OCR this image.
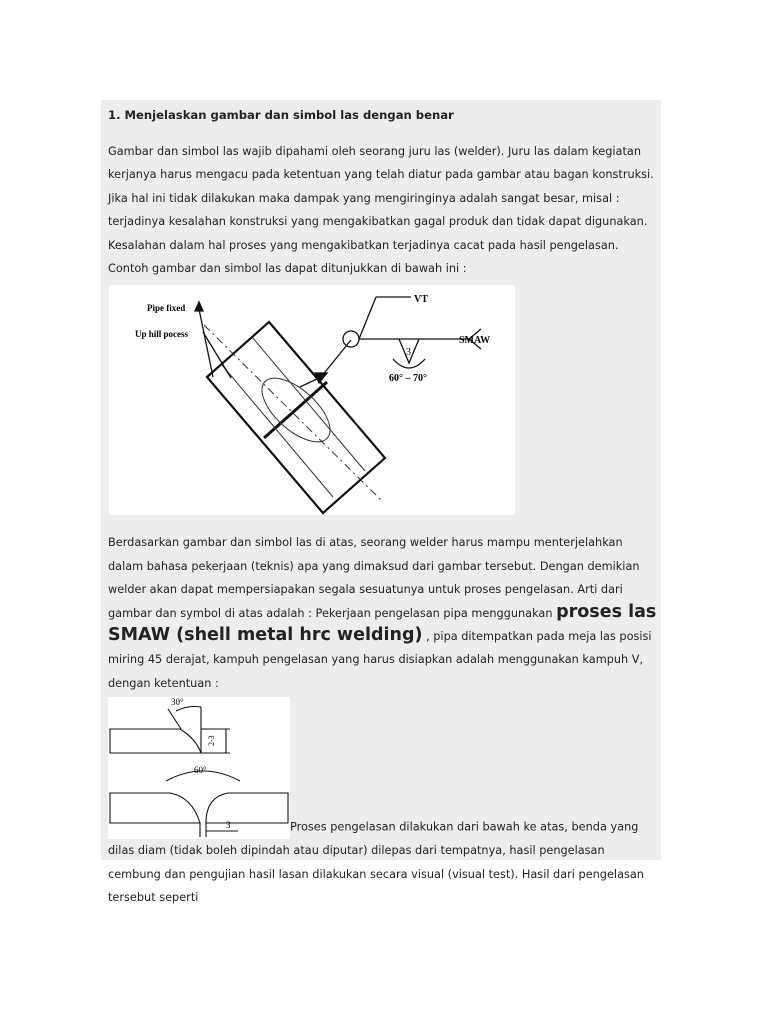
1. Menjelaskan gambar dan simbol las dengan benar

Gambar dan simbol las wajib dipahami oleh seorang juru las (welder). Juru las dalam kegiatan kerjanya harus mengacu pada ketentuan yang telah diatur pada gambar atau bagan konstruksi. Jika hal ini tidak dilakukan maka dampak yang mengiringinya adalah sangat besar, misal : terjadinya kesalahan konstruksi yang mengakibatkan gagal produk dan tidak dapat digunakan. Kesalahan dalam hal proses yang mengakibatkan terjadinya cacat pada hasil pengelasan. Contoh gambar dan simbol las dapat ditunjukkan di bawah ini :

Pipe fixed
Up hill pocess
VT
SMAW
3
60° – 70°

Berdasarkan gambar dan simbol las di atas, seorang welder harus mampu menterjelahkan dalam bahasa pekerjaan (teknis) apa yang dimaksud dari gambar tersebut. Dengan demikian welder akan dapat mempersiapakan segala sesuatunya untuk proses pengelasan. Arti dari gambar dan symbol di atas adalah : Pekerjaan pengelasan pipa menggunakan proses las SMAW (shell metal hrc welding) , pipa ditempatkan pada meja las posisi miring 45 derajat, kampuh pengelasan yang harus disiapkan adalah menggunakan kampuh V, dengan ketentuan :

30°
2-3
60°
3	Proses pengelasan dilakukan dari bawah ke atas, benda yang dilas diam (tidak boleh dipindah atau diputar) dilepas dari tempatnya, hasil pengelasan cembung dan pengujian hasil lasan dilakukan secara visual (visual test). Hasil dari pengelasan tersebut seperti
